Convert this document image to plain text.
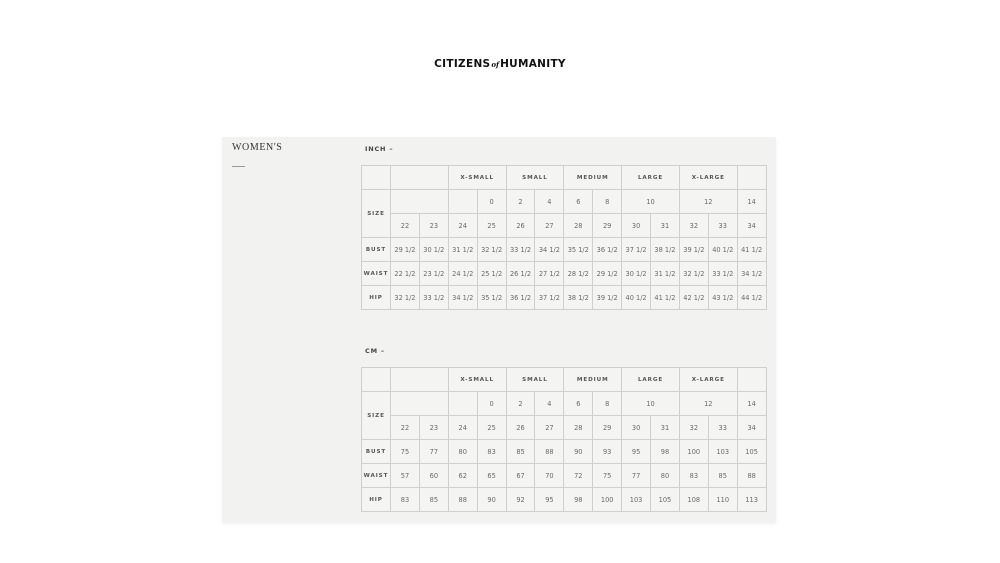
CITIZENSofHUMANITY
WOMEN'S	INCH –
			X-SMALL		SMALL		MEDIUM		LARGE		X-LARGE		
SIZE				0	2	4	6	8	10		12		14
	22	23	24	25	26	27	28	29	30	31	32	33	34
BUST	29 1/2	30 1/2	31 1/2	32 1/2	33 1/2	34 1/2	35 1/2	36 1/2	37 1/2	38 1/2	39 1/2	40 1/2	41 1/2
WAIST	22 1/2	23 1/2	24 1/2	25 1/2	26 1/2	27 1/2	28 1/2	29 1/2	30 1/2	31 1/2	32 1/2	33 1/2	34 1/2
HIP	32 1/2	33 1/2	34 1/2	35 1/2	36 1/2	37 1/2	38 1/2	39 1/2	40 1/2	41 1/2	42 1/2	43 1/2	44 1/2
CM –
			X-SMALL		SMALL		MEDIUM		LARGE		X-LARGE		
SIZE				0	2	4	6	8	10		12		14
	22	23	24	25	26	27	28	29	30	31	32	33	34
BUST	75	77	80	83	85	88	90	93	95	98	100	103	105
WAIST	57	60	62	65	67	70	72	75	77	80	83	85	88
HIP	83	85	88	90	92	95	98	100	103	105	108	110	113
